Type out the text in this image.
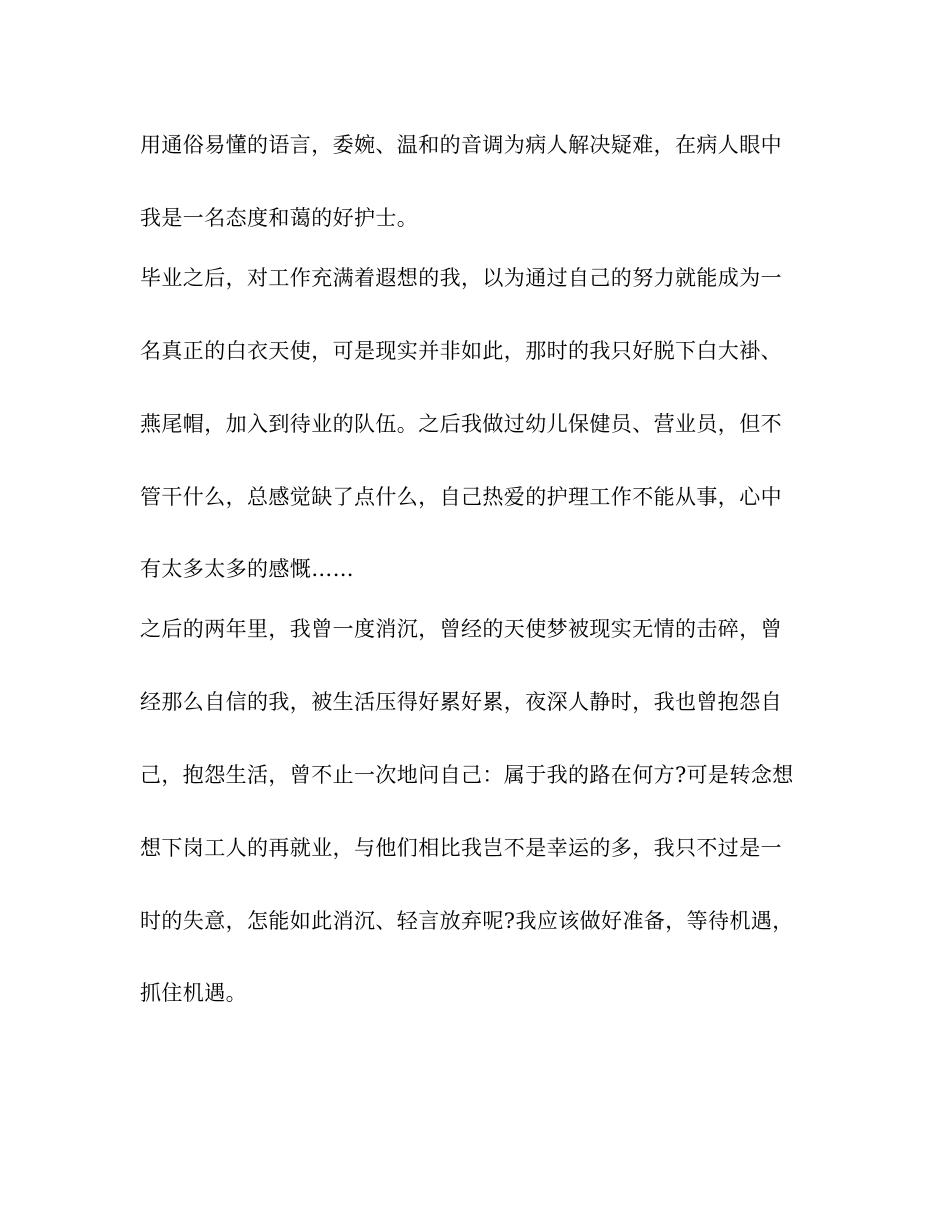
用通俗易懂的语言，委婉、温和的音调为病人解决疑难，在病人眼中
我是一名态度和蔼的好护士。
毕业之后，对工作充满着遐想的我，以为通过自己的努力就能成为一
名真正的白衣天使，可是现实并非如此，那时的我只好脱下白大褂、
燕尾帽，加入到待业的队伍。之后我做过幼儿保健员、营业员，但不
管干什么，总感觉缺了点什么，自己热爱的护理工作不能从事，心中
有太多太多的感慨……
之后的两年里，我曾一度消沉，曾经的天使梦被现实无情的击碎，曾
经那么自信的我，被生活压得好累好累，夜深人静时，我也曾抱怨自
己，抱怨生活，曾不止一次地问自己：属于我的路在何方?可是转念想
想下岗工人的再就业，与他们相比我岂不是幸运的多，我只不过是一
时的失意，怎能如此消沉、轻言放弃呢?我应该做好准备，等待机遇，
抓住机遇。
